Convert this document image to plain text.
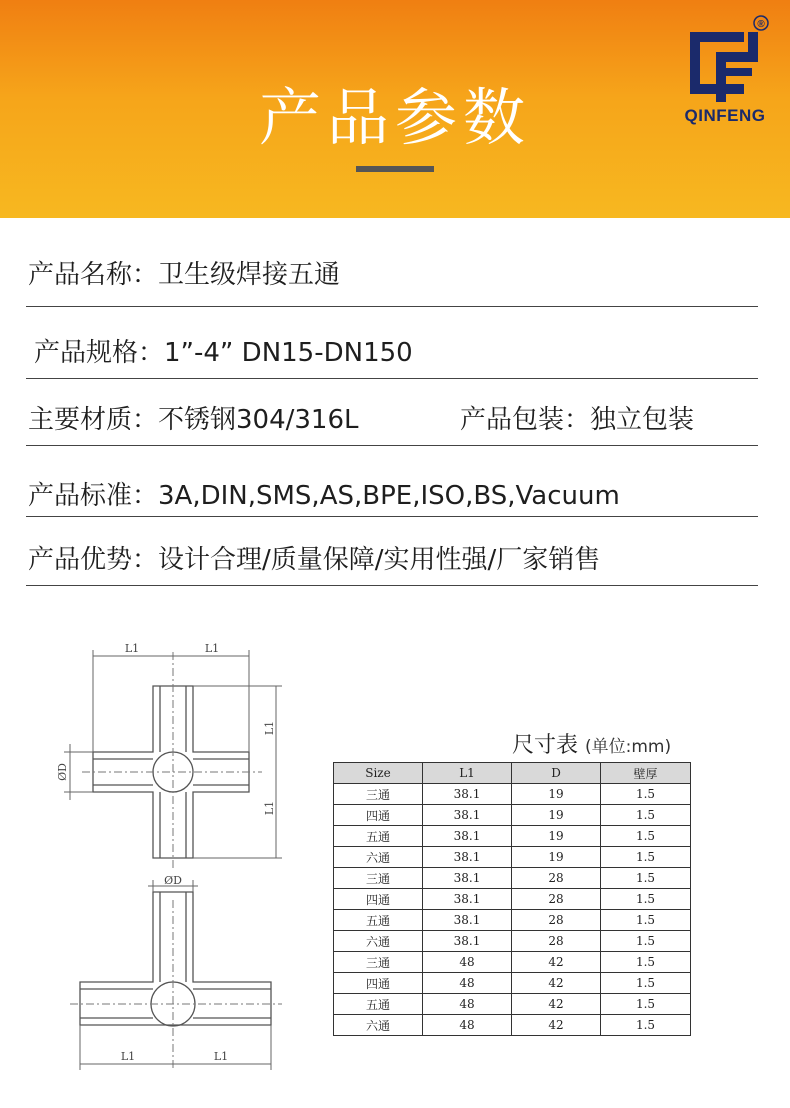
产品参数
®
QINFENG
产品名称：卫生级焊接五通
产品规格：1”-4” DN15-DN150
主要材质：不锈钢304/316L	产品包装：独立包装
产品标准：3A,DIN,SMS,AS,BPE,ISO,BS,Vacuum
产品优势：设计合理/质量保障/实用性强/厂家销售
L1	L1
L1
L1
ØD
ØD
L1	L1
尺寸表 (单位:mm)
Size	L1	D	壁厚
三通	38.1	19	1.5
四通	38.1	19	1.5
五通	38.1	19	1.5
六通	38.1	19	1.5
三通	38.1	28	1.5
四通	38.1	28	1.5
五通	38.1	28	1.5
六通	38.1	28	1.5
三通	48	42	1.5
四通	48	42	1.5
五通	48	42	1.5
六通	48	42	1.5
